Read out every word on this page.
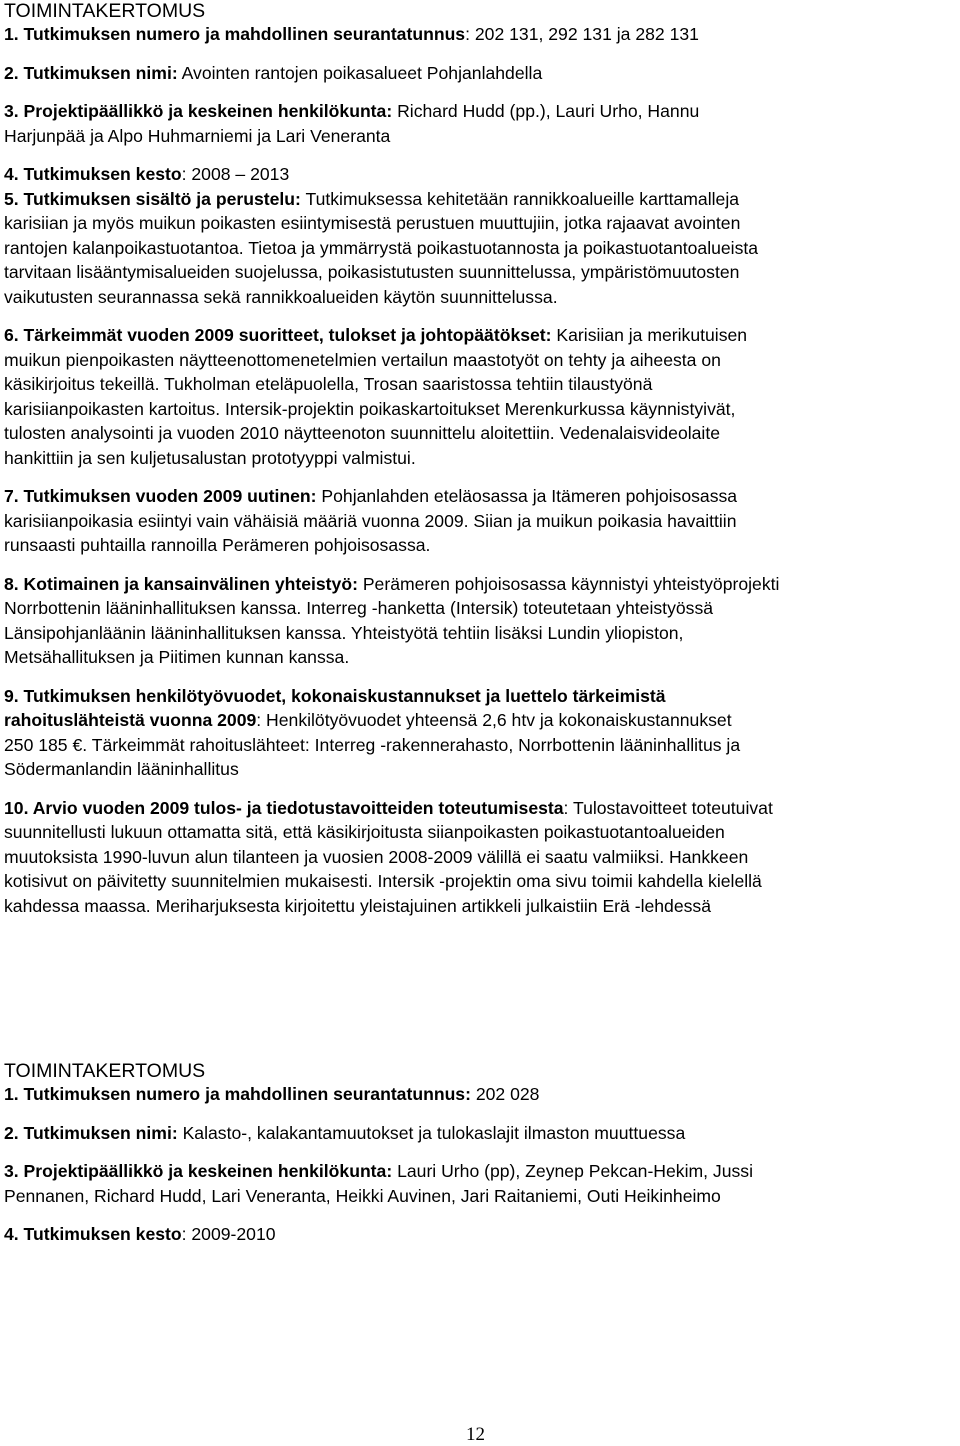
TOIMINTAKERTOMUS

1. Tutkimuksen numero ja mahdollinen seurantatunnus: 202 131, 292 131 ja 282 131

2. Tutkimuksen nimi: Avointen rantojen poikasalueet Pohjanlahdella

3. Projektipäällikkö ja keskeinen henkilökunta: Richard Hudd (pp.), Lauri Urho, Hannu

Harjunpää ja Alpo Huhmarniemi ja Lari Veneranta

4. Tutkimuksen kesto: 2008 – 2013

5. Tutkimuksen sisältö ja perustelu: Tutkimuksessa kehitetään rannikkoalueille karttamalleja

karisiian ja myös muikun poikasten esiintymisestä perustuen muuttujiin, jotka rajaavat avointen

rantojen kalanpoikastuotantoa. Tietoa ja ymmärrystä poikastuotannosta ja poikastuotantoalueista

tarvitaan lisääntymisalueiden suojelussa, poikasistutusten suunnittelussa, ympäristömuutosten

vaikutusten seurannassa sekä rannikkoalueiden käytön suunnittelussa.

6. Tärkeimmät vuoden 2009 suoritteet, tulokset ja johtopäätökset: Karisiian ja merikutuisen

muikun pienpoikasten näytteenottomenetelmien vertailun maastotyöt on tehty ja aiheesta on

käsikirjoitus tekeillä. Tukholman eteläpuolella, Trosan saaristossa tehtiin tilaustyönä

karisiianpoikasten kartoitus. Intersik-projektin poikaskartoitukset Merenkurkussa käynnistyivät,

tulosten analysointi ja vuoden 2010 näytteenoton suunnittelu aloitettiin. Vedenalaisvideolaite

hankittiin ja sen kuljetusalustan prototyyppi valmistui.

7. Tutkimuksen vuoden 2009 uutinen: Pohjanlahden eteläosassa ja Itämeren pohjoisosassa

karisiianpoikasia esiintyi vain vähäisiä määriä vuonna 2009. Siian ja muikun poikasia havaittiin

runsaasti puhtailla rannoilla Perämeren pohjoisosassa.

8. Kotimainen ja kansainvälinen yhteistyö: Perämeren pohjoisosassa käynnistyi yhteistyöprojekti

Norrbottenin lääninhallituksen kanssa. Interreg -hanketta (Intersik) toteutetaan yhteistyössä

Länsipohjanläänin lääninhallituksen kanssa. Yhteistyötä tehtiin lisäksi Lundin yliopiston,

Metsähallituksen ja Piitimen kunnan kanssa.

9. Tutkimuksen henkilötyövuodet, kokonaiskustannukset ja luettelo tärkeimistä

rahoituslähteistä vuonna 2009: Henkilötyövuodet yhteensä 2,6 htv ja kokonaiskustannukset

250 185 €. Tärkeimmät rahoituslähteet: Interreg -rakennerahasto, Norrbottenin lääninhallitus ja

Södermanlandin lääninhallitus

10. Arvio vuoden 2009 tulos- ja tiedotustavoitteiden toteutumisesta: Tulostavoitteet toteutuivat

suunnitellusti lukuun ottamatta sitä, että käsikirjoitusta siianpoikasten poikastuotantoalueiden

muutoksista 1990-luvun alun tilanteen ja vuosien 2008-2009 välillä ei saatu valmiiksi. Hankkeen

kotisivut on päivitetty suunnitelmien mukaisesti. Intersik -projektin oma sivu toimii kahdella kielellä

kahdessa maassa. Meriharjuksesta kirjoitettu yleistajuinen artikkeli julkaistiin Erä -lehdessä

TOIMINTAKERTOMUS

1. Tutkimuksen numero ja mahdollinen seurantatunnus: 202 028

2. Tutkimuksen nimi: Kalasto-, kalakantamuutokset ja tulokaslajit ilmaston muuttuessa

3. Projektipäällikkö ja keskeinen henkilökunta: Lauri Urho (pp), Zeynep Pekcan-Hekim, Jussi

Pennanen, Richard Hudd, Lari Veneranta, Heikki Auvinen, Jari Raitaniemi, Outi Heikinheimo

4. Tutkimuksen kesto: 2009-2010

12
